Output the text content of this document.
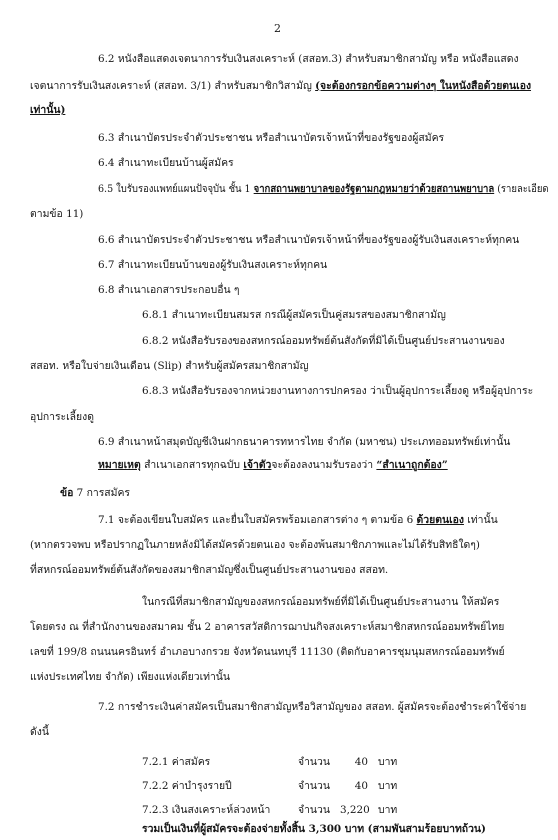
2
6.2 หนังสือแสดงเจตนาการรับเงินสงเคราะห์ (สสอท.3) สำหรับสมาชิกสามัญ หรือ หนังสือแสดง
เจตนาการรับเงินสงเคราะห์ (สสอท. 3/1) สำหรับสมาชิกวิสามัญ (จะต้องกรอกข้อความต่างๆ ในหนังสือด้วยตนเอง
เท่านั้น)
6.3 สำเนาบัตรประจำตัวประชาชน หรือสำเนาบัตรเจ้าหน้าที่ของรัฐของผู้สมัคร
6.4 สำเนาทะเบียนบ้านผู้สมัคร
6.5 ใบรับรองแพทย์แผนปัจจุบัน ชั้น 1 จากสถานพยาบาลของรัฐตามกฎหมายว่าด้วยสถานพยาบาล (รายละเอียด
ตามข้อ 11)
6.6 สำเนาบัตรประจำตัวประชาชน หรือสำเนาบัตรเจ้าหน้าที่ของรัฐของผู้รับเงินสงเคราะห์ทุกคน
6.7 สำเนาทะเบียนบ้านของผู้รับเงินสงเคราะห์ทุกคน
6.8 สำเนาเอกสารประกอบอื่น ๆ
6.8.1 สำเนาทะเบียนสมรส กรณีผู้สมัครเป็นคู่สมรสของสมาชิกสามัญ
6.8.2 หนังสือรับรองของสหกรณ์ออมทรัพย์ต้นสังกัดที่มิได้เป็นศูนย์ประสานงานของ
สสอท. หรือใบจ่ายเงินเดือน (Slip) สำหรับผู้สมัครสมาชิกสามัญ
6.8.3 หนังสือรับรองจากหน่วยงานทางการปกครอง ว่าเป็นผู้อุปการะเลี้ยงดู หรือผู้อุปการะ
อุปการะเลี้ยงดู
6.9 สำเนาหน้าสมุดบัญชีเงินฝากธนาคารทหารไทย จำกัด (มหาชน) ประเภทออมทรัพย์เท่านั้น
หมายเหตุ สำเนาเอกสารทุกฉบับ เจ้าตัวจะต้องลงนามรับรองว่า “สำเนาถูกต้อง”
ข้อ 7 การสมัคร
7.1 จะต้องเขียนใบสมัคร และยื่นใบสมัครพร้อมเอกสารต่าง ๆ ตามข้อ 6 ด้วยตนเอง เท่านั้น
(หากตรวจพบ หรือปรากฏในภายหลังมิได้สมัครด้วยตนเอง จะต้องพ้นสมาชิกภาพและไม่ได้รับสิทธิใดๆ)
ที่สหกรณ์ออมทรัพย์ต้นสังกัดของสมาชิกสามัญซึ่งเป็นศูนย์ประสานงานของ สสอท.
ในกรณีที่สมาชิกสามัญของสหกรณ์ออมทรัพย์ที่มิได้เป็นศูนย์ประสานงาน ให้สมัคร
โดยตรง ณ ที่สำนักงานของสมาคม ชั้น 2 อาคารสวัสดิการฌาปนกิจสงเคราะห์สมาชิกสหกรณ์ออมทรัพย์ไทย
เลขที่ 199/8 ถนนนครอินทร์ อำเภอบางกรวย จังหวัดนนทบุรี 11130 (ติดกับอาคารชุมนุมสหกรณ์ออมทรัพย์
แห่งประเทศไทย จำกัด) เพียงแห่งเดียวเท่านั้น
7.2 การชำระเงินค่าสมัครเป็นสมาชิกสามัญหรือวิสามัญของ สสอท. ผู้สมัครจะต้องชำระค่าใช้จ่าย
ดังนี้
7.2.1 ค่าสมัคร	จำนวน	40 บาท
7.2.2 ค่าบำรุงรายปี	จำนวน	40 บาท
7.2.3 เงินสงเคราะห์ล่วงหน้า	จำนวน 3,220 บาท
รวมเป็นเงินที่ผู้สมัครจะต้องจ่ายทั้งสิ้น 3,300 บาท (สามพันสามร้อยบาทถ้วน)
